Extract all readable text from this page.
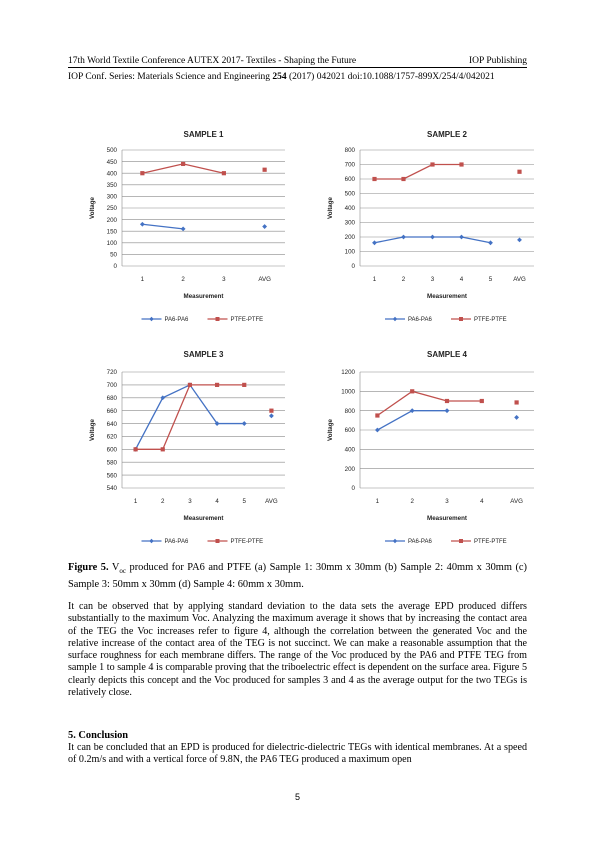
17th World Textile Conference AUTEX 2017- Textiles - Shaping the Future	IOP Publishing
IOP Conf. Series: Materials Science and Engineering 254 (2017) 042021 doi:10.1088/1757-899X/254/4/042021
SAMPLE 1
0
50
100
150
200
250
300
350
400
450
500
1	2	3	AVG
Measurement
Voltage
PA6-PA6	PTFE-PTFE
SAMPLE 2
0
100
200
300
400
500
600
700
800
1	2	3	4	5	AVG
Measurement
Voltage
PA6-PA6	PTFE-PTFE
SAMPLE 3
540
560
580
600
620
640
660
680
700
720
1	2	3	4	5	AVG
Measurement
Voltage
PA6-PA6	PTFE-PTFE
SAMPLE 4
0
200
400
600
800
1000
1200
1	2	3	4	AVG
Measurement
Voltage
PA6-PA6	PTFE-PTFE
Figure 5. $V_{oc}$ produced for PA6 and PTFE (a) Sample 1: 30mm x 30mm (b) Sample 2: 40mm x 30mm (c) Sample 3: 50mm x 30mm (d) Sample 4: 60mm x 30mm.
It can be observed that by applying standard deviation to the data sets the average EPD produced differs substantially to the maximum Voc. Analyzing the maximum average it shows that by increasing the contact area of the TEG the Voc increases refer to figure 4, although the correlation between the generated Voc and the relative increase of the contact area of the TEG is not succinct. We can make a reasonable assumption that the surface roughness for each membrane differs. The range of the Voc produced by the PA6 and PTFE TEG from sample 1 to sample 4 is comparable proving that the triboelectric effect is dependent on the surface area. Figure 5 clearly depicts this concept and the Voc produced for samples 3 and 4 as the average output for the two TEGs is relatively close.
5. Conclusion
It can be concluded that an EPD is produced for dielectric-dielectric TEGs with identical membranes. At a speed of 0.2m/s and with a vertical force of 9.8N, the PA6 TEG produced a maximum open
5
